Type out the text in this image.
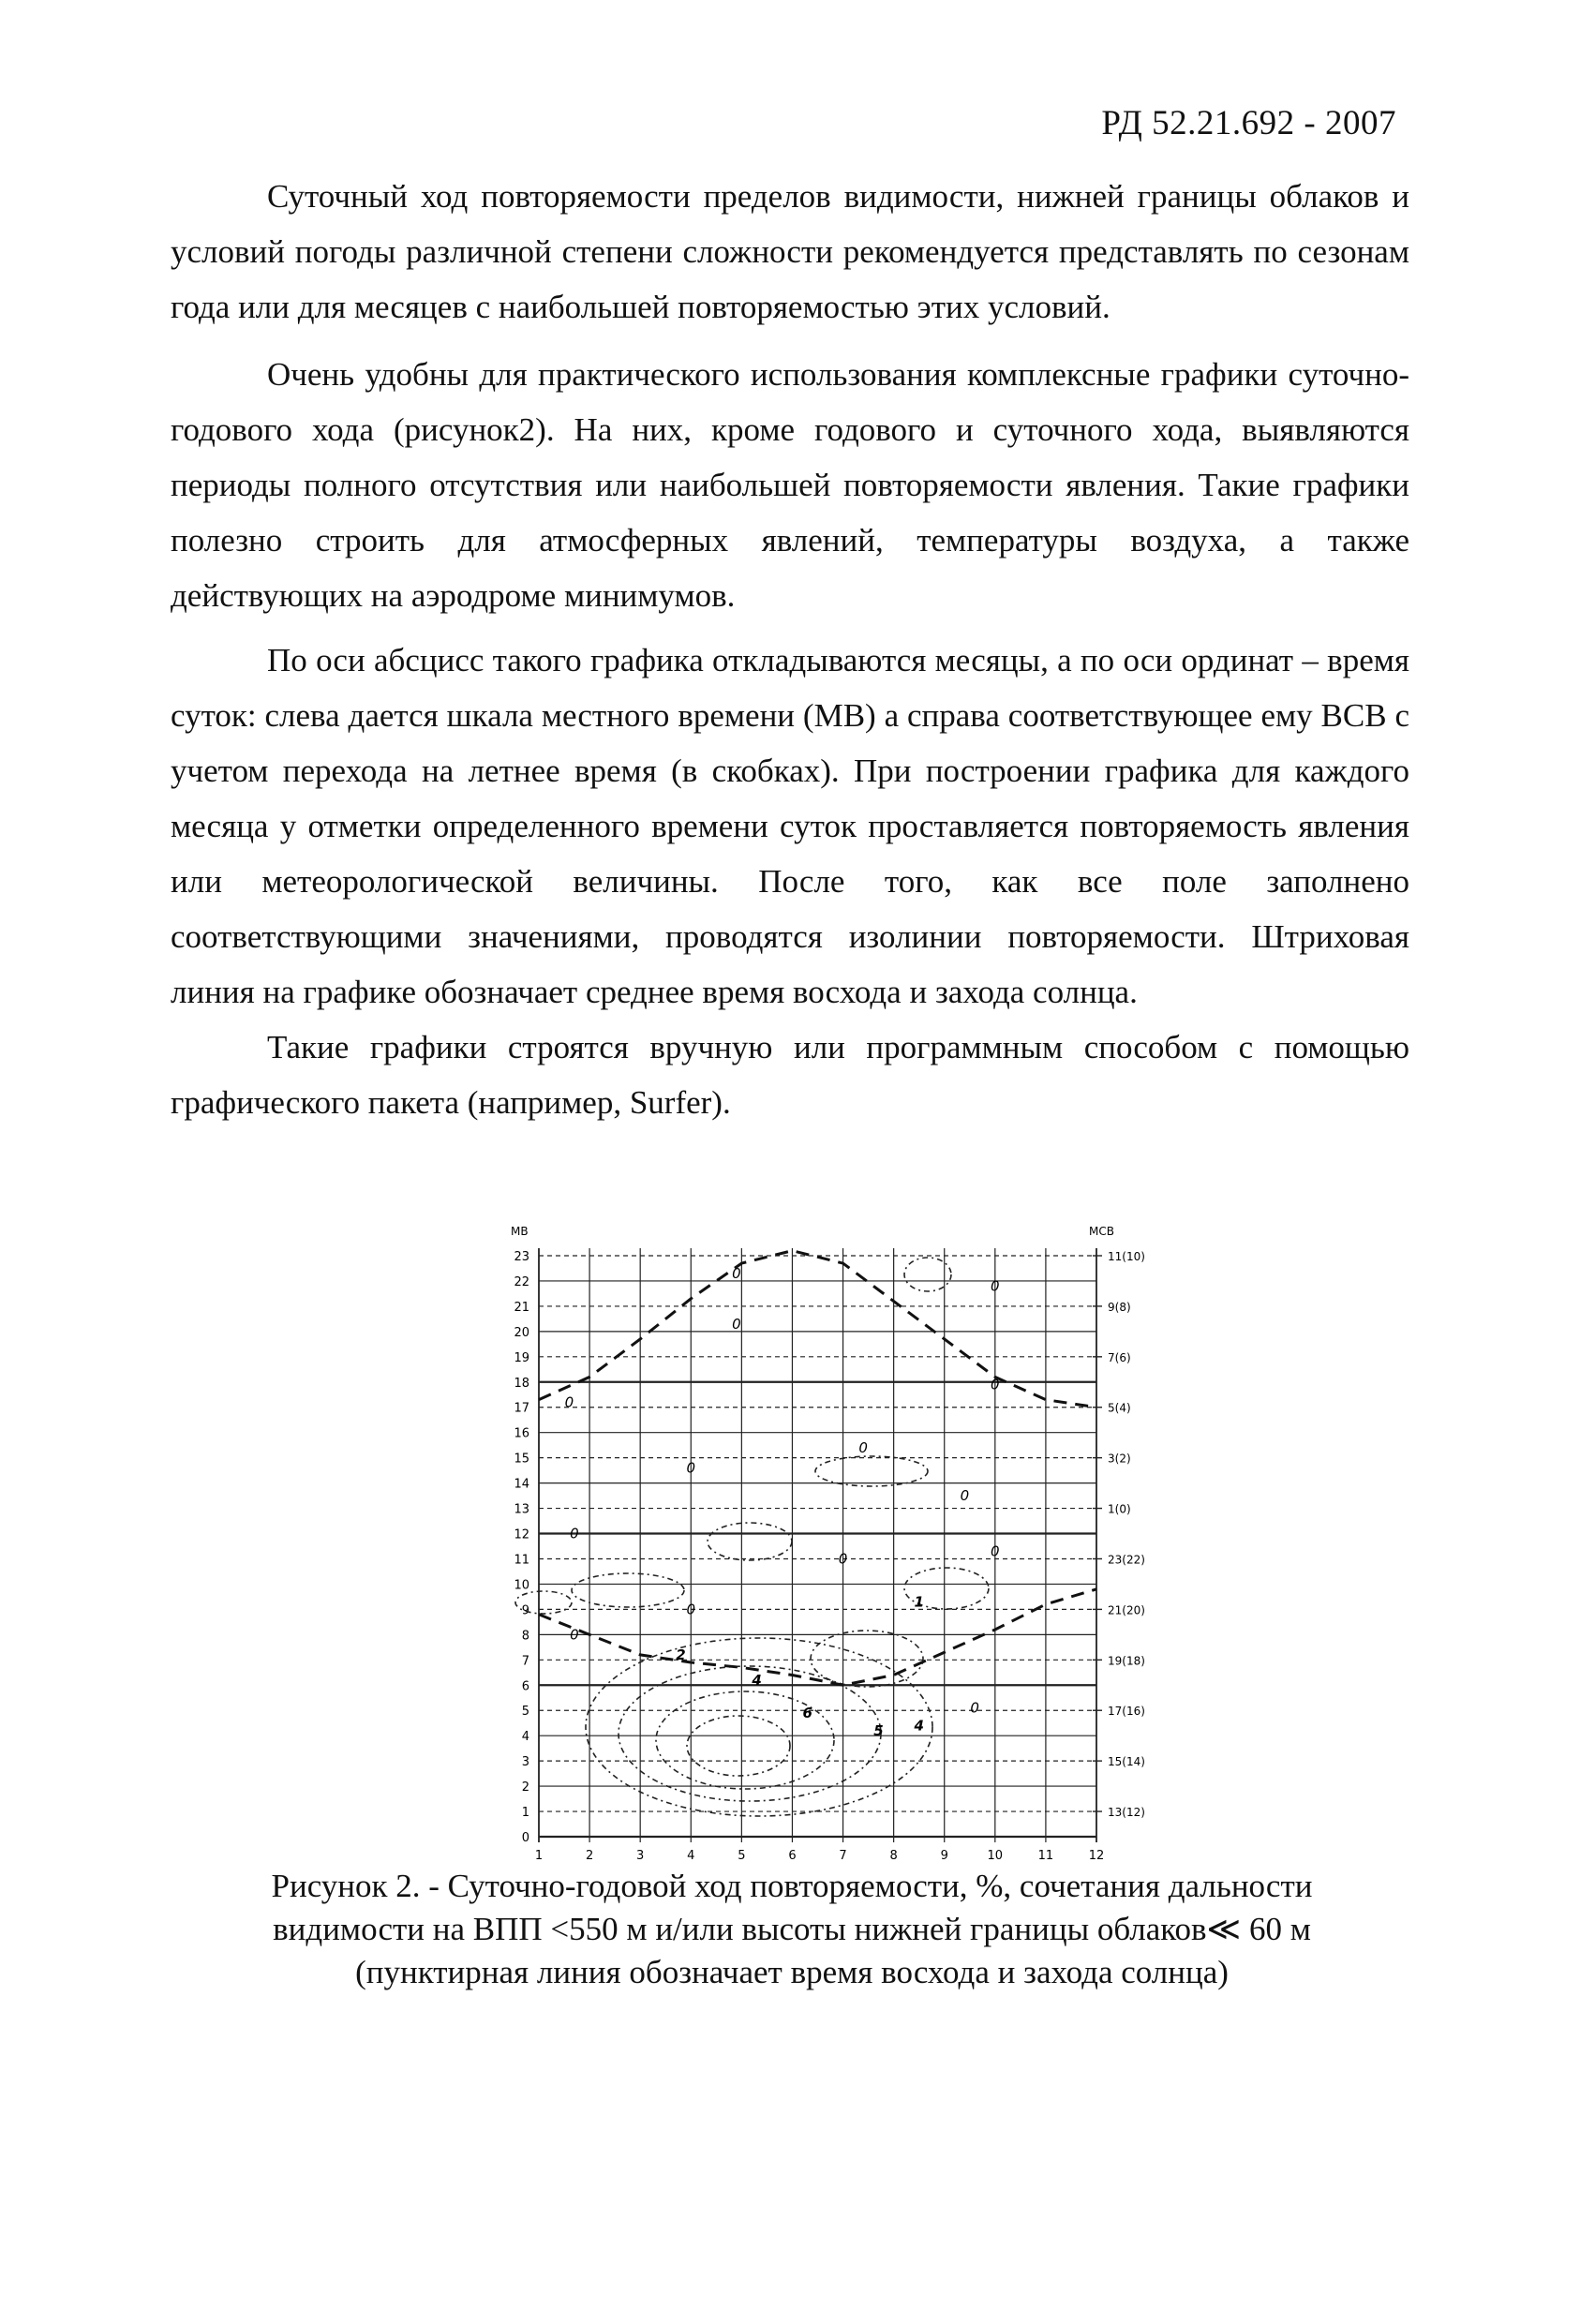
РД 52.21.692 - 2007

Суточный ход повторяемости пределов видимости, нижней границы облаков и условий погоды различной степени сложности рекомендуется представлять по сезонам года или для месяцев с наибольшей повторяемостью этих условий.

Очень удобны для практического использования комплексные графики суточно-годового хода (рисунок2). На них, кроме годового и суточного хода, выявляются периоды полного отсутствия или наибольшей повторяемости явления. Такие графики полезно строить для атмосферных явлений, температуры воздуха, а также действующих на аэродроме минимумов.

По оси абсцисс такого графика откладываются месяцы, а по оси ординат – время суток: слева дается шкала местного времени (МВ) а справа соответствующее ему ВСВ с учетом перехода на летнее время (в скобках). При построении графика для каждого месяца у отметки определенного времени суток проставляется повторяемость явления или метеорологической величины. После того, как все поле заполнено соответствующими значениями, проводятся изолинии повторяемости. Штриховая линия на графике обозначает среднее время восхода и захода солнца.

Такие графики строятся вручную или программным способом с помощью графического пакета (например, Surfer).

0
1
2
3
4
5
6
7
8
9
10
11
12
13
14
15
16
17
18
19
20
21
22
23
1	2	3	4	5	6	7	8	9	10	11	12
13(12)
15(14)
17(16)
19(18)
21(20)
23(22)
1(0)
3(2)
5(4)
7(6)
9(8)
11(10)
МВ	МСВ
0
0
0
0
0
0
0
0
0
0	0
0
0
0
2
4
5 4
6
1

Рисунок 2. - Суточно-годовой ход повторяемости, %, сочетания дальности
видимости на ВПП <550 м и/или высоты нижней границы облаков≪ 60 м
(пунктирная линия обозначает время восхода и захода солнца)
